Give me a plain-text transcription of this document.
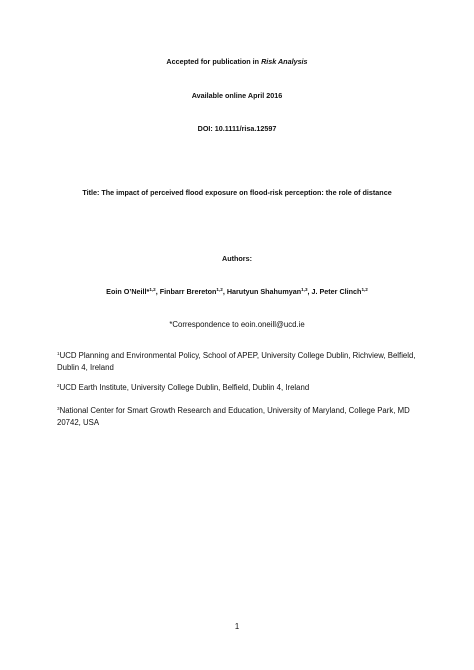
Accepted for publication in Risk Analysis
Available online April 2016
DOI: 10.1111/risa.12597
Title: The impact of perceived flood exposure on flood-risk perception: the role of distance
Authors:
Eoin O’Neill*$^{1,2}$, Finbarr Brereton$^{1,2}$, Harutyun Shahumyan$^{1,3}$, J. Peter Clinch$^{1,2}$
*Correspondence to eoin.oneill@ucd.ie
$^1$UCD Planning and Environmental Policy, School of APEP, University College Dublin, Richview, Belfield, Dublin 4, Ireland
$^2$UCD Earth Institute, University College Dublin, Belfield, Dublin 4, Ireland
$^3$National Center for Smart Growth Research and Education, University of Maryland, College Park, MD 20742, USA
1
